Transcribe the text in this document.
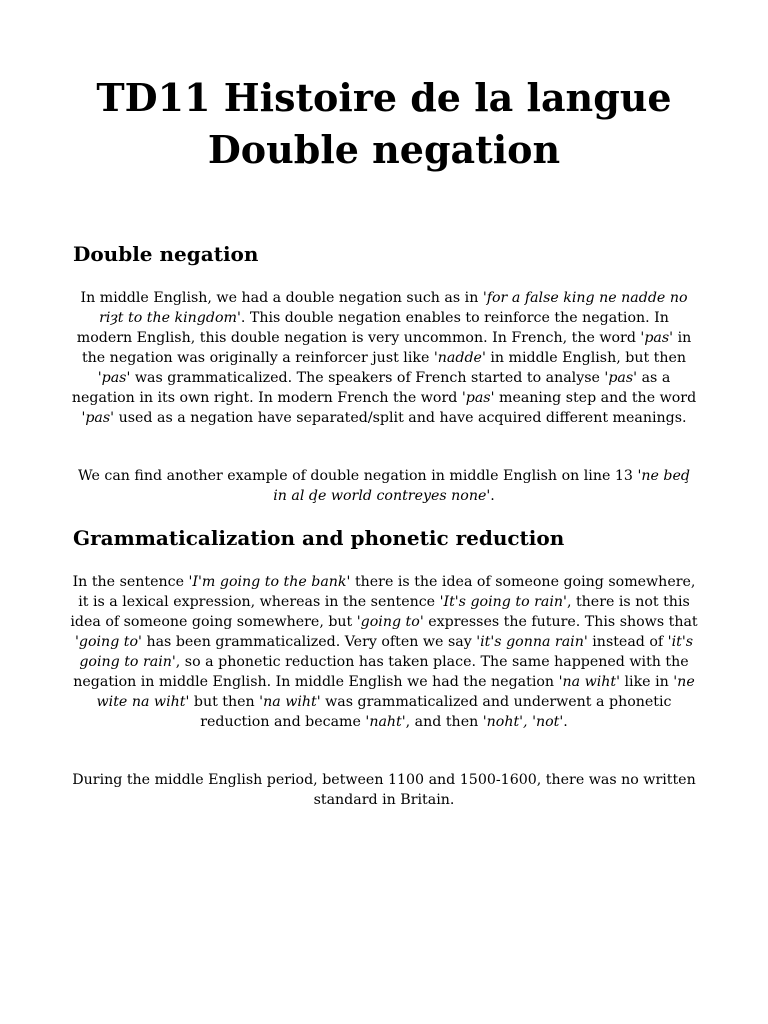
TD11 Histoire de la langue
Double negation
Double negation

In middle English, we had a double negation such as in 'for a false king ne nadde no riȝt to the kingdom'. This double negation enables to reinforce the negation. In modern English, this double negation is very uncommon. In French, the word 'pas' in the negation was originally a reinforcer just like 'nadde' in middle English, but then 'pas' was grammaticalized. The speakers of French started to analyse 'pas' as a negation in its own right. In modern French the word 'pas' meaning step and the word 'pas' used as a negation have separated/split and have acquired different meanings.

We can find another example of double negation in middle English on line 13 'ne beḑ in al ḑe world contreyes none'.

Grammaticalization and phonetic reduction

In the sentence 'I'm going to the bank' there is the idea of someone going somewhere, it is a lexical expression, whereas in the sentence 'It's going to rain', there is not this idea of someone going somewhere, but 'going to' expresses the future. This shows that 'going to' has been grammaticalized. Very often we say 'it's gonna rain' instead of 'it's going to rain', so a phonetic reduction has taken place. The same happened with the negation in middle English. In middle English we had the negation 'na wiht' like in 'ne wite na wiht' but then 'na wiht' was grammaticalized and underwent a phonetic reduction and became 'naht', and then 'noht', 'not'.

During the middle English period, between 1100 and 1500-1600, there was no written standard in Britain.
